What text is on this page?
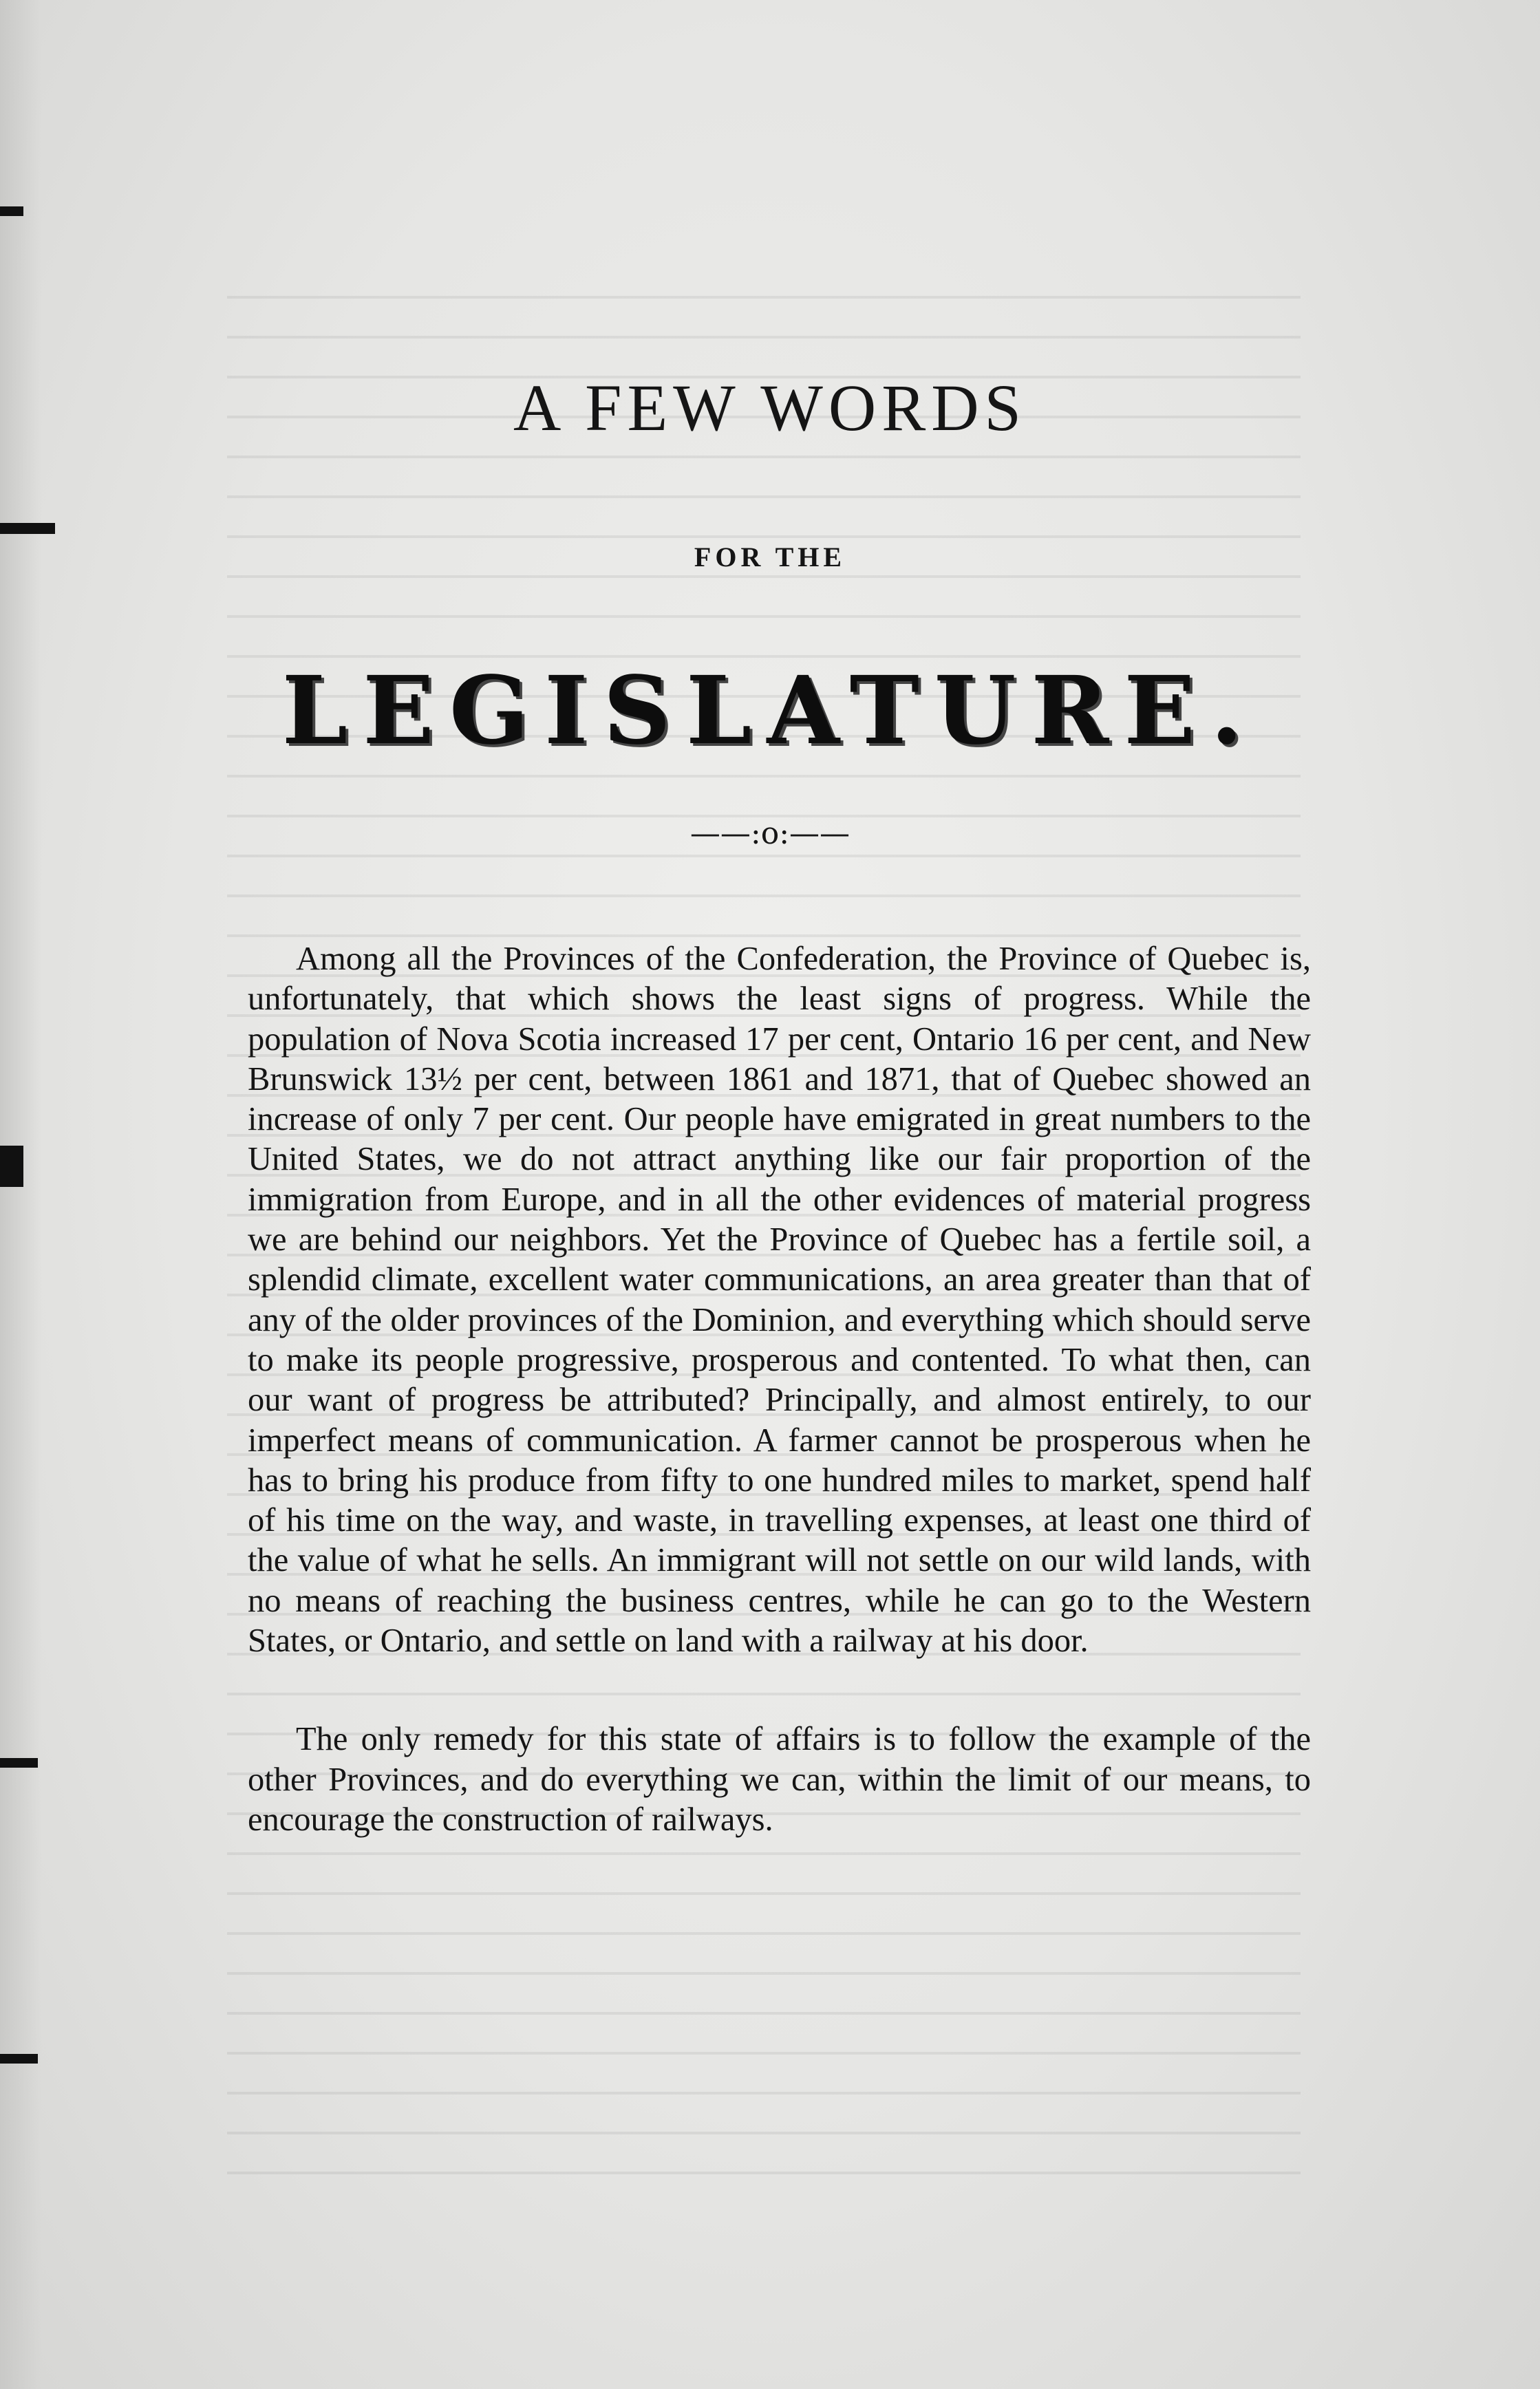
A FEW WORDS
FOR THE
LEGISLATURE.
——:o:——

Among all the Provinces of the Confederation, the Province of Quebec is, unfortunately, that which shows the least signs of progress. While the population of Nova Scotia increased 17 per cent, Ontario 16 per cent, and New Brunswick 13½ per cent, between 1861 and 1871, that of Quebec showed an increase of only 7 per cent. Our people have emigrated in great numbers to the United States, we do not attract anything like our fair proportion of the immigration from Europe, and in all the other evidences of material progress we are behind our neighbors. Yet the Province of Quebec has a fertile soil, a splendid climate, excellent water communications, an area greater than that of any of the older provinces of the Dominion, and everything which should serve to make its people progressive, prosperous and contented. To what then, can our want of progress be attributed? Principally, and almost entirely, to our imperfect means of communication. A farmer cannot be prosperous when he has to bring his produce from fifty to one hundred miles to market, spend half of his time on the way, and waste, in travelling expenses, at least one third of the value of what he sells. An immigrant will not settle on our wild lands, with no means of reaching the business centres, while he can go to the Western States, or Ontario, and settle on land with a railway at his door.

The only remedy for this state of affairs is to follow the example of the other Provinces, and do everything we can, within the limit of our means, to encourage the construction of railways.
